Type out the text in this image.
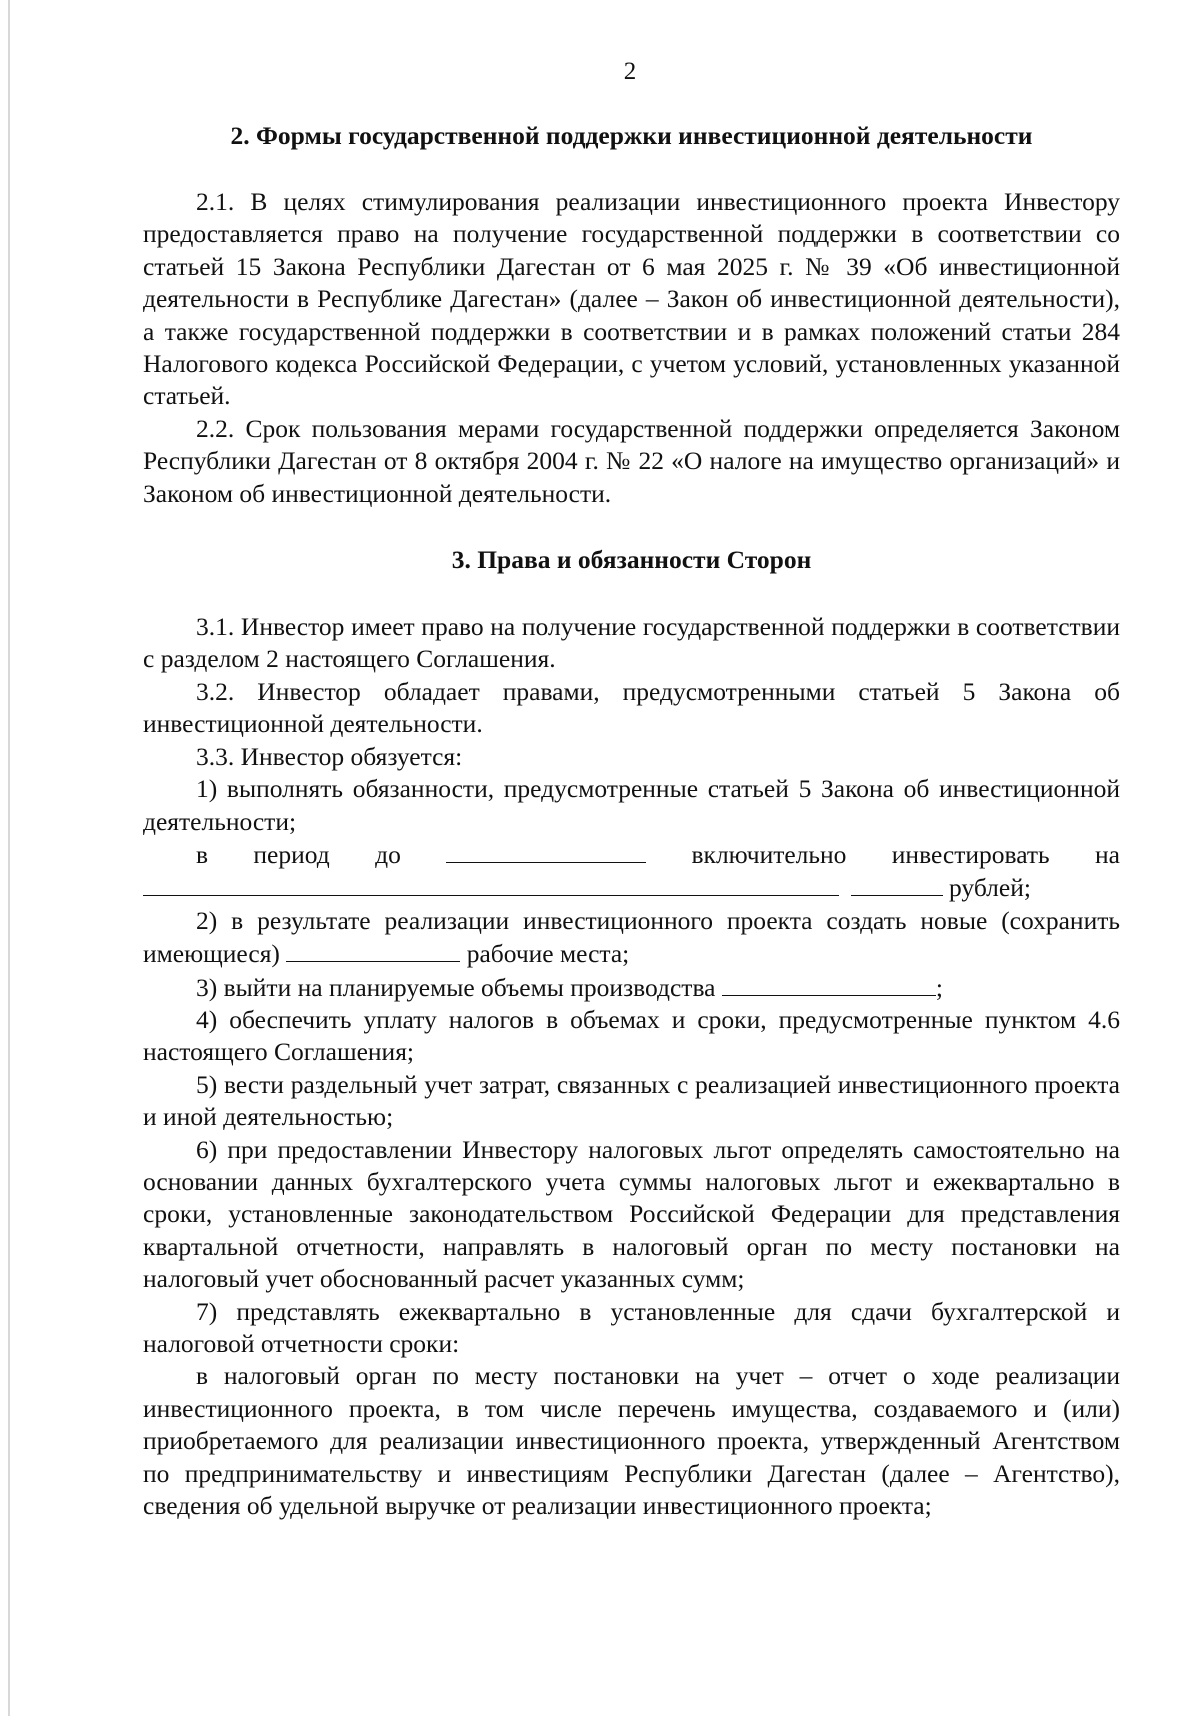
2
2. Формы государственной поддержки инвестиционной деятельности

2.1. В целях стимулирования реализации инвестиционного проекта Инвестору предоставляется право на получение государственной поддержки в соответствии со статьей 15 Закона Республики Дагестан от 6 мая 2025 г. № 39 «Об инвестиционной деятельности в Республике Дагестан» (далее – Закон об инвестиционной деятельности), а также государственной поддержки в соответствии и в рамках положений статьи 284 Налогового кодекса Российской Федерации, с учетом условий, установленных указанной статьей.

2.2. Срок пользования мерами государственной поддержки определяется Законом Республики Дагестан от 8 октября 2004 г. № 22 «О налоге на имущество организаций» и Законом об инвестиционной деятельности.

3. Права и обязанности Сторон

3.1. Инвестор имеет право на получение государственной поддержки в соответствии с разделом 2 настоящего Соглашения.

3.2. Инвестор обладает правами, предусмотренными статьей 5 Закона об инвестиционной деятельности.

3.3. Инвестор обязуется:

1) выполнять обязанности, предусмотренные статьей 5 Закона об инвестиционной деятельности;

в период до	включительно инвестировать на
рублей;

2) в результате реализации инвестиционного проекта создать новые (сохранить имеющиеся)	рабочие места;

3) выйти на планируемые объемы производства	;

4) обеспечить уплату налогов в объемах и сроки, предусмотренные пунктом 4.6 настоящего Соглашения;

5) вести раздельный учет затрат, связанных с реализацией инвестиционного проекта и иной деятельностью;

6) при предоставлении Инвестору налоговых льгот определять самостоятельно на основании данных бухгалтерского учета суммы налоговых льгот и ежеквартально в сроки, установленные законодательством Российской Федерации для представления квартальной отчетности, направлять в налоговый орган по месту постановки на налоговый учет обоснованный расчет указанных сумм;

7) представлять ежеквартально в установленные для сдачи бухгалтерской и налоговой отчетности сроки:

в налоговый орган по месту постановки на учет – отчет о ходе реализации инвестиционного проекта, в том числе перечень имущества, создаваемого и (или) приобретаемого для реализации инвестиционного проекта, утвержденный Агентством по предпринимательству и инвестициям Республики Дагестан (далее – Агентство), сведения об удельной выручке от реализации инвестиционного проекта;
